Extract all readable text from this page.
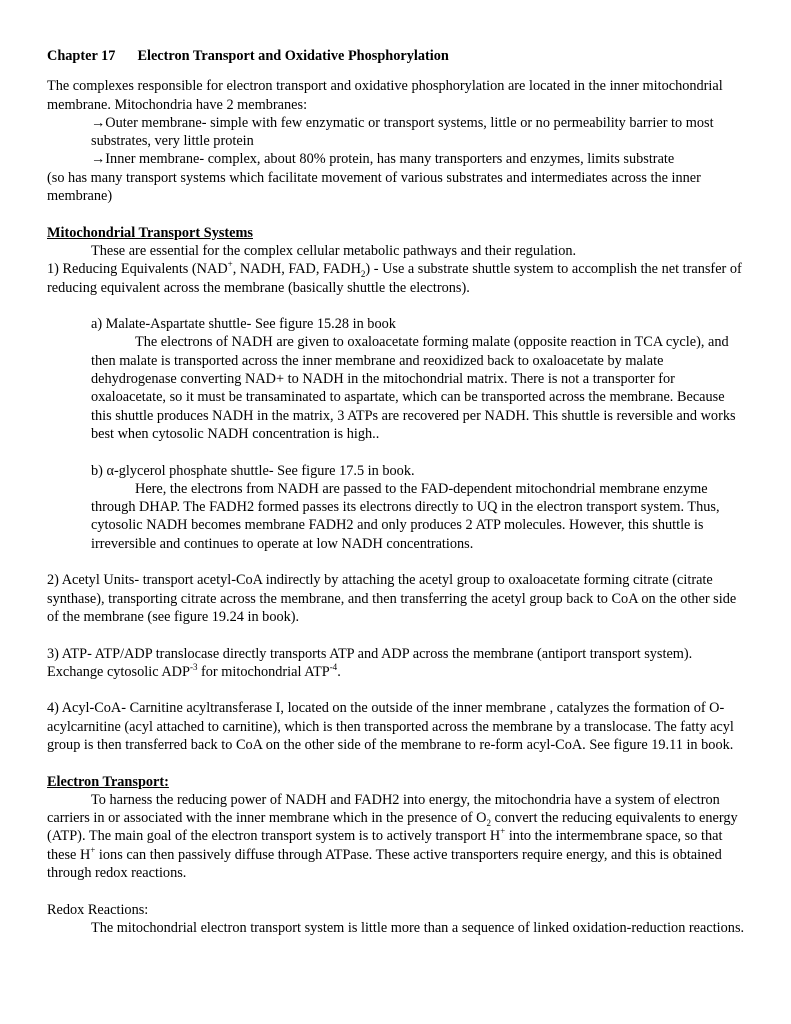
Chapter 17 Electron Transport and Oxidative Phosphorylation

The complexes responsible for electron transport and oxidative phosphorylation are located in the inner mitochondrial membrane. Mitochondria have 2 membranes:

→Outer membrane- simple with few enzymatic or transport systems, little or no permeability barrier to most substrates, very little protein

→Inner membrane- complex, about 80% protein, has many transporters and enzymes, limits substrate

(so has many transport systems which facilitate movement of various substrates and intermediates across the inner membrane)

Mitochondrial Transport Systems

These are essential for the complex cellular metabolic pathways and their regulation.

1) Reducing Equivalents (NAD+, NADH, FAD, $FADH_2$) - Use a substrate shuttle system to accomplish the net transfer of reducing equivalent across the membrane (basically shuttle the electrons).

a) Malate-Aspartate shuttle- See figure 15.28 in book

The electrons of NADH are given to oxaloacetate forming malate (opposite reaction in TCA cycle), and then malate is transported across the inner membrane and reoxidized back to oxaloacetate by malate dehydrogenase converting NAD+ to NADH in the mitochondrial matrix. There is not a transporter for oxaloacetate, so it must be transaminated to aspartate, which can be transported across the membrane. Because this shuttle produces NADH in the matrix, 3 ATPs are recovered per NADH. This shuttle is reversible and works best when cytosolic NADH concentration is high..

b) α-glycerol phosphate shuttle- See figure 17.5 in book.

Here, the electrons from NADH are passed to the FAD-dependent mitochondrial membrane enzyme through DHAP. The FADH2 formed passes its electrons directly to UQ in the electron transport system. Thus, cytosolic NADH becomes membrane FADH2 and only produces 2 ATP molecules. However, this shuttle is irreversible and continues to operate at low NADH concentrations.

2) Acetyl Units- transport acetyl-CoA indirectly by attaching the acetyl group to oxaloacetate forming citrate (citrate synthase), transporting citrate across the membrane, and then transferring the acetyl group back to CoA on the other side of the membrane (see figure 19.24 in book).

3) ATP- ATP/ADP translocase directly transports ATP and ADP across the membrane (antiport transport system). Exchange cytosolic $ADP^{-3}$ for mitochondrial $ATP^{-4}$.

4) Acyl-CoA- Carnitine acyltransferase I, located on the outside of the inner membrane , catalyzes the formation of O-acylcarnitine (acyl attached to carnitine), which is then transported across the membrane by a translocase. The fatty acyl group is then transferred back to CoA on the other side of the membrane to re-form acyl-CoA. See figure 19.11 in book.

Electron Transport:

To harness the reducing power of NADH and FADH2 into energy, the mitochondria have a system of electron carriers in or associated with the inner membrane which in the presence of $O_2$ convert the reducing equivalents to energy (ATP). The main goal of the electron transport system is to actively transport H+ into the intermembrane space, so that these H+ ions can then passively diffuse through ATPase. These active transporters require energy, and this is obtained through redox reactions.

Redox Reactions:

The mitochondrial electron transport system is little more than a sequence of linked oxidation-reduction reactions.
